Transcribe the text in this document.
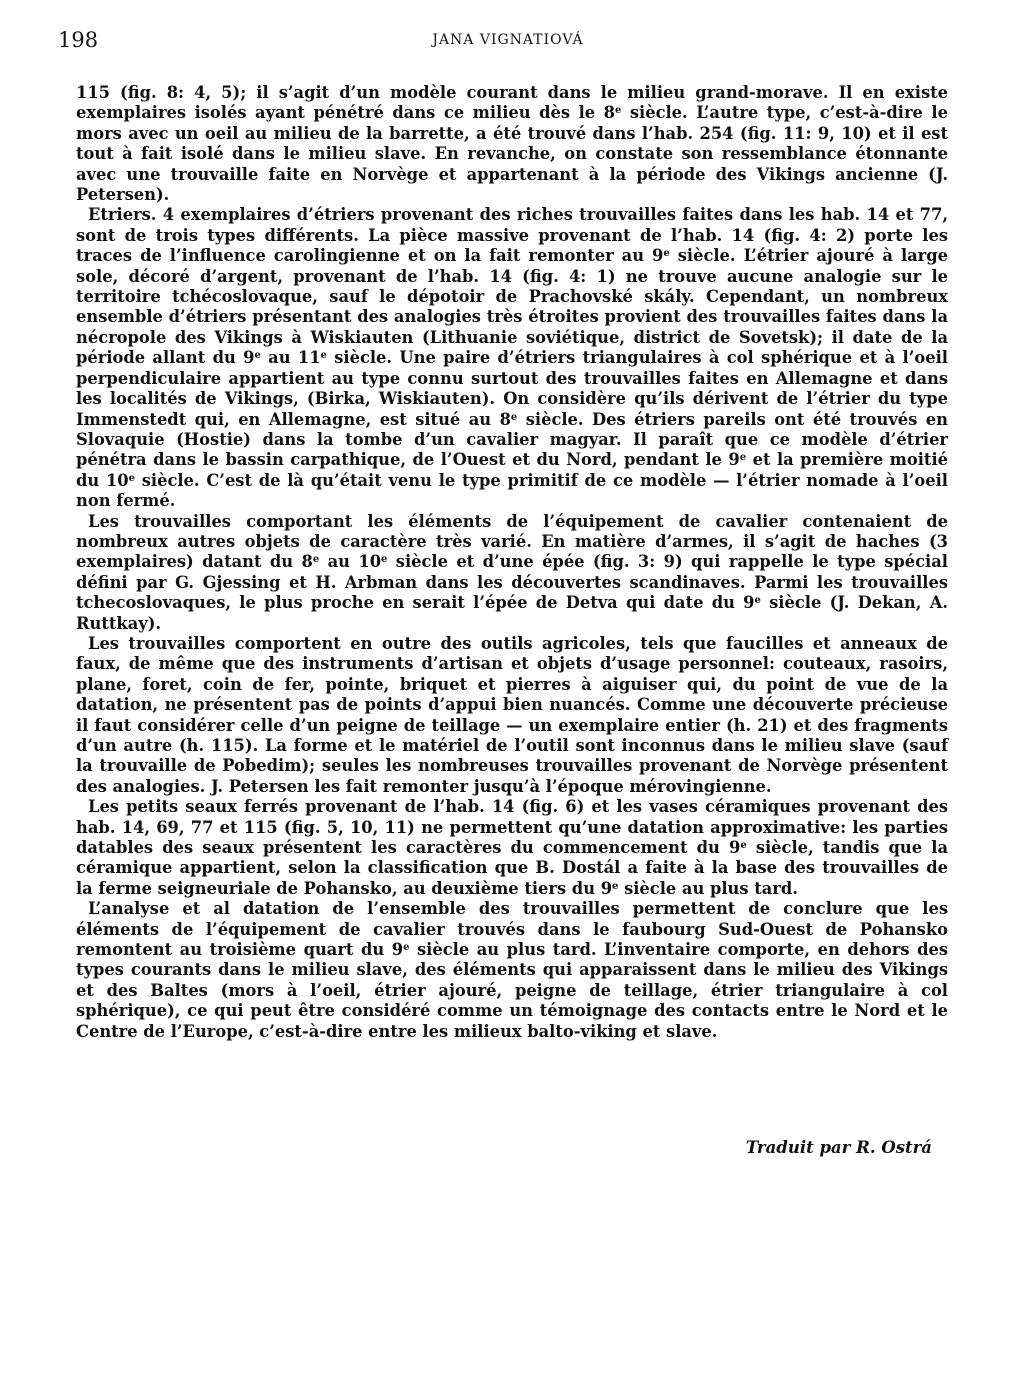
198	JANA VIGNATIOVÁ

115 (fig. 8: 4, 5); il s’agit d’un modèle courant dans le milieu grand-morave. Il en existe exemplaires isolés ayant pénétré dans ce milieu dès le 8e siècle. L’autre type, c’est-à-dire le mors avec un oeil au milieu de la barrette, a été trouvé dans l’hab. 254 (fig. 11: 9, 10) et il est tout à fait isolé dans le milieu slave. En revanche, on constate son ressemblance étonnante avec une trouvaille faite en Norvège et appartenant à la période des Vikings ancienne (J. Petersen).

Etriers. 4 exemplaires d’étriers provenant des riches trouvailles faites dans les hab. 14 et 77, sont de trois types différents. La pièce massive provenant de l’hab. 14 (fig. 4: 2) porte les traces de l’influence carolingienne et on la fait remonter au 9e siècle. L’étrier ajouré à large sole, décoré d’argent, provenant de l’hab. 14 (fig. 4: 1) ne trouve aucune analogie sur le territoire tchécoslovaque, sauf le dépotoir de Prachovské skály. Cependant, un nombreux ensemble d’étriers présentant des analogies très étroites provient des trouvailles faites dans la nécropole des Vikings à Wiskiauten (Lithuanie soviétique, district de Sovetsk); il date de la période allant du 9e au 11e siècle. Une paire d’étriers triangulaires à col sphérique et à l’oeil perpendiculaire appartient au type connu surtout des trouvailles faites en Allemagne et dans les localités de Vikings, (Birka, Wiskiauten). On considère qu’ils dérivent de l’étrier du type Immenstedt qui, en Allemagne, est situé au 8e siècle. Des étriers pareils ont été trouvés en Slovaquie (Hostie) dans la tombe d’un cavalier magyar. Il paraît que ce modèle d’étrier pénétra dans le bassin carpathique, de l’Ouest et du Nord, pendant le 9e et la première moitié du 10e siècle. C’est de là qu’était venu le type primitif de ce modèle — l’étrier nomade à l’oeil non fermé.

Les trouvailles comportant les éléments de l’équipement de cavalier contenaient de nombreux autres objets de caractère très varié. En matière d’armes, il s’agit de haches (3 exemplaires) datant du 8e au 10e siècle et d’une épée (fig. 3: 9) qui rappelle le type spécial défini par G. Gjessing et H. Arbman dans les découvertes scandinaves. Parmi les trouvailles tchecoslovaques, le plus proche en serait l’épée de Detva qui date du 9e siècle (J. Dekan, A. Ruttkay).

Les trouvailles comportent en outre des outils agricoles, tels que faucilles et anneaux de faux, de même que des instruments d’artisan et objets d’usage personnel: couteaux, rasoirs, plane, foret, coin de fer, pointe, briquet et pierres à aiguiser qui, du point de vue de la datation, ne présentent pas de points d’appui bien nuancés. Comme une découverte précieuse il faut considérer celle d’un peigne de teillage — un exemplaire entier (h. 21) et des fragments d’un autre (h. 115). La forme et le matériel de l’outil sont inconnus dans le milieu slave (sauf la trouvaille de Pobedim); seules les nombreuses trouvailles provenant de Norvège présentent des analogies. J. Petersen les fait remonter jusqu’à l’époque mérovingienne.

Les petits seaux ferrés provenant de l’hab. 14 (fig. 6) et les vases céramiques provenant des hab. 14, 69, 77 et 115 (fig. 5, 10, 11) ne permettent qu’une datation approximative: les parties datables des seaux présentent les caractères du commencement du 9e siècle, tandis que la céramique appartient, selon la classification que B. Dostál a faite à la base des trouvailles de la ferme seigneuriale de Pohansko, au deuxième tiers du 9e siècle au plus tard.

L’analyse et al datation de l’ensemble des trouvailles permettent de conclure que les éléments de l’équipement de cavalier trouvés dans le faubourg Sud-Ouest de Pohansko remontent au troisième quart du 9e siècle au plus tard. L’inventaire comporte, en dehors des types courants dans le milieu slave, des éléments qui apparaissent dans le milieu des Vikings et des Baltes (mors à l’oeil, étrier ajouré, peigne de teillage, étrier triangulaire à col sphérique), ce qui peut être considéré comme un témoignage des contacts entre le Nord et le Centre de l’Europe, c’est-à-dire entre les milieux balto-viking et slave.

Traduit par R. Ostrá
